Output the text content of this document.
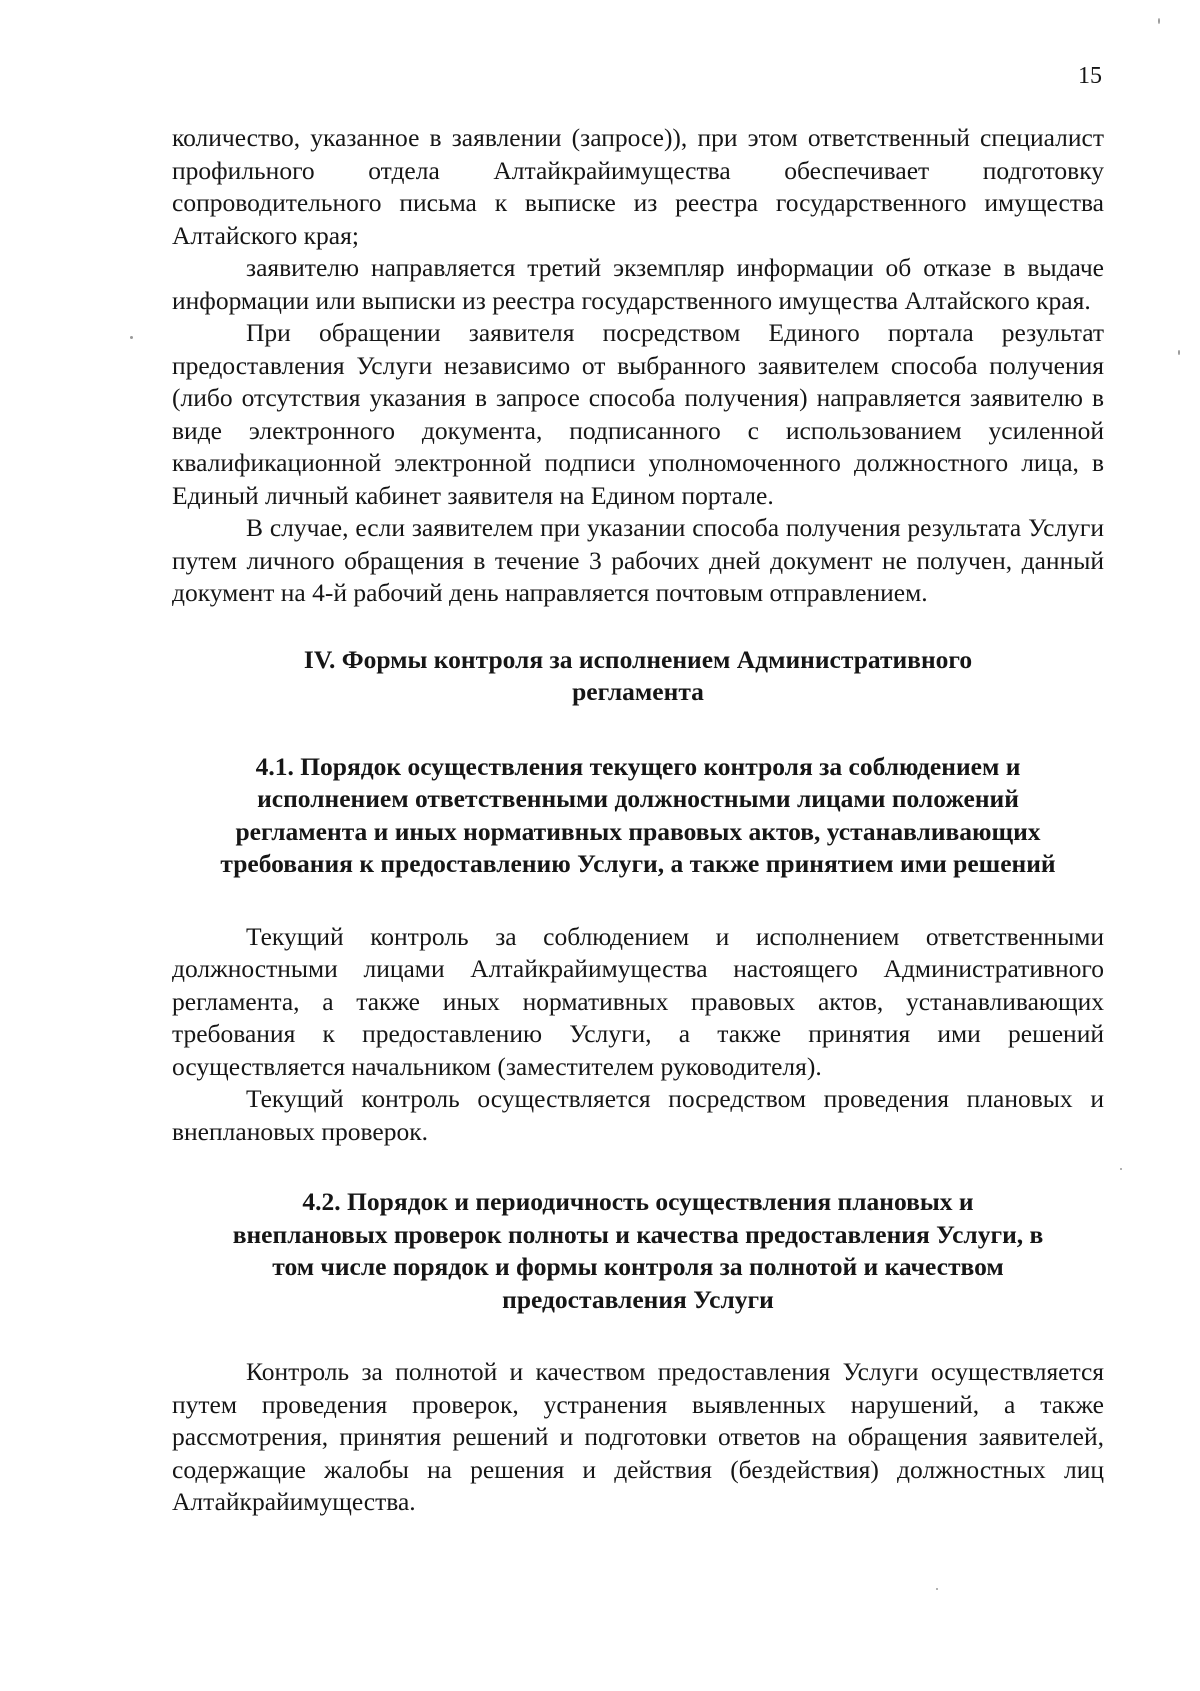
15

количество, указанное в заявлении (запросе)), при этом ответственный специалист профильного отдела Алтайкрайимущества обеспечивает подготовку сопроводительного письма к выписке из реестра государственного имущества Алтайского края;

заявителю направляется третий экземпляр информации об отказе в выдаче информации или выписки из реестра государственного имущества Алтайского края.

При обращении заявителя посредством Единого портала результат предоставления Услуги независимо от выбранного заявителем способа получения (либо отсутствия указания в запросе способа получения) направляется заявителю в виде электронного документа, подписанного с использованием усиленной квалификационной электронной подписи уполномоченного должностного лица, в Единый личный кабинет заявителя на Едином портале.

В случае, если заявителем при указании способа получения результата Услуги путем личного обращения в течение 3 рабочих дней документ не получен, данный документ на 4-й рабочий день направляется почтовым отправлением.

IV. Формы контроля за исполнением Административного
регламента
4.1. Порядок осуществления текущего контроля за соблюдением и
исполнением ответственными должностными лицами положений
регламента и иных нормативных правовых актов, устанавливающих
требования к предоставлению Услуги, а также принятием ими решений

Текущий контроль за соблюдением и исполнением ответственными должностными лицами Алтайкрайимущества настоящего Административного регламента, а также иных нормативных правовых актов, устанавливающих требования к предоставлению Услуги, а также принятия ими решений осуществляется начальником (заместителем руководителя).

Текущий контроль осуществляется посредством проведения плановых и внеплановых проверок.

4.2. Порядок и периодичность осуществления плановых и
внеплановых проверок полноты и качества предоставления Услуги, в
том числе порядок и формы контроля за полнотой и качеством
предоставления Услуги

Контроль за полнотой и качеством предоставления Услуги осуществляется путем проведения проверок, устранения выявленных нарушений, а также рассмотрения, принятия решений и подготовки ответов на обращения заявителей, содержащие жалобы на решения и действия (бездействия) должностных лиц Алтайкрайимущества.
